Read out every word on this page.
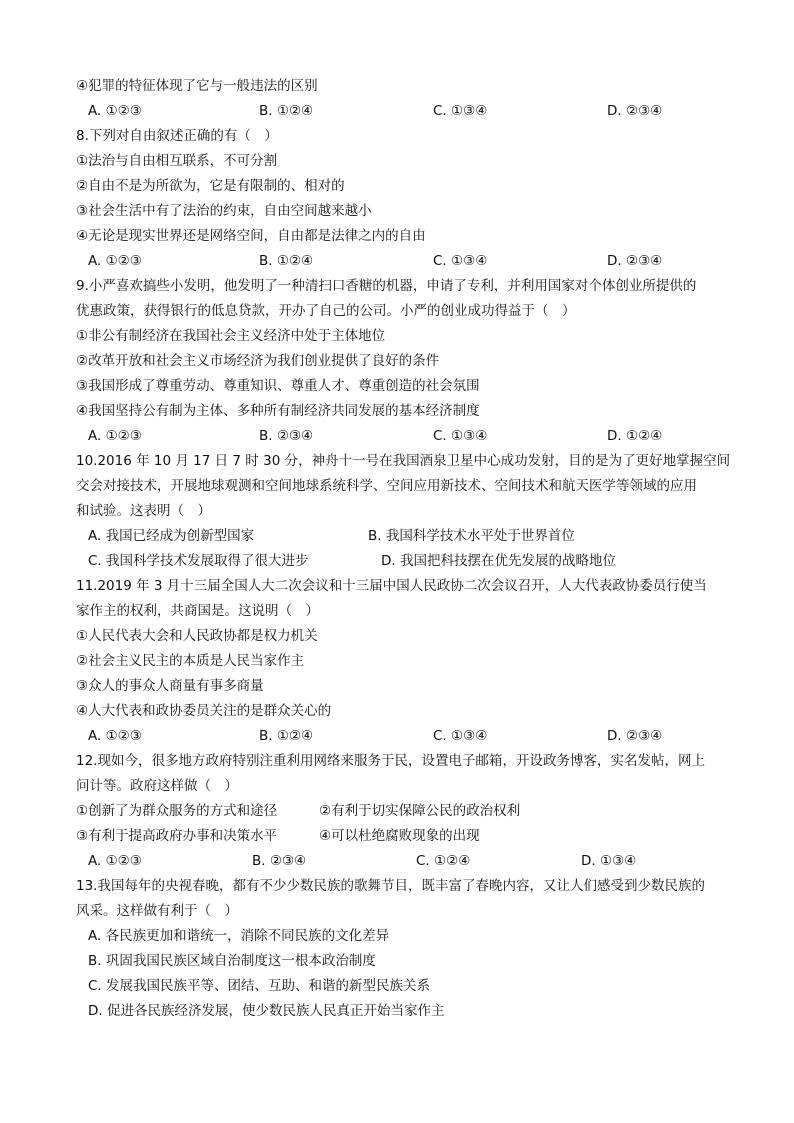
④犯罪的特征体现了它与一般违法的区别
A. ①②③	B. ①②④	C. ①③④	D. ②③④
8.下列对自由叙述正确的有（　）
①法治与自由相互联系，不可分割
②自由不是为所欲为，它是有限制的、相对的
③社会生活中有了法治的约束，自由空间越来越小
④无论是现实世界还是网络空间，自由都是法律之内的自由
A. ①②③	B. ①②④	C. ①③④	D. ②③④
9.小严喜欢搞些小发明，他发明了一种清扫口香糖的机器，申请了专利，并利用国家对个体创业所提供的
优惠政策，获得银行的低息贷款，开办了自己的公司。小严的创业成功得益于（　）
①非公有制经济在我国社会主义经济中处于主体地位
②改革开放和社会主义市场经济为我们创业提供了良好的条件
③我国形成了尊重劳动、尊重知识、尊重人才、尊重创造的社会氛围
④我国坚持公有制为主体、多种所有制经济共同发展的基本经济制度
A. ①②③	B. ②③④	C. ①③④	D. ①②④
10.2016 年 10 月 17 日 7 时 30 分，神舟十一号在我国酒泉卫星中心成功发射，目的是为了更好地掌握空间
交会对接技术，开展地球观测和空间地球系统科学、空间应用新技术、空间技术和航天医学等领域的应用
和试验。这表明（　）
A. 我国已经成为创新型国家	B. 我国科学技术水平处于世界首位
C. 我国科学技术发展取得了很大进步	D. 我国把科技摆在优先发展的战略地位
11.2019 年 3 月十三届全国人大二次会议和十三届中国人民政协二次会议召开，人大代表政协委员行使当
家作主的权利，共商国是。这说明（　）
①人民代表大会和人民政协都是权力机关
②社会主义民主的本质是人民当家作主
③众人的事众人商量有事多商量
④人大代表和政协委员关注的是群众关心的
A. ①②③	B. ①②④	C. ①③④	D. ②③④
12.现如今，很多地方政府特别注重利用网络来服务于民，设置电子邮箱，开设政务博客，实名发帖，网上
问计等。政府这样做（　）
①创新了为群众服务的方式和途径	②有利于切实保障公民的政治权利
③有利于提高政府办事和决策水平	④可以杜绝腐败现象的出现
A. ①②③	B. ②③④	C. ①②④	D. ①③④
13.我国每年的央视春晚，都有不少少数民族的歌舞节目，既丰富了春晚内容，又让人们感受到少数民族的
风采。这样做有利于（　）
A. 各民族更加和谐统一，消除不同民族的文化差异
B. 巩固我国民族区域自治制度这一根本政治制度
C. 发展我国民族平等、团结、互助、和谐的新型民族关系
D. 促进各民族经济发展，使少数民族人民真正开始当家作主
